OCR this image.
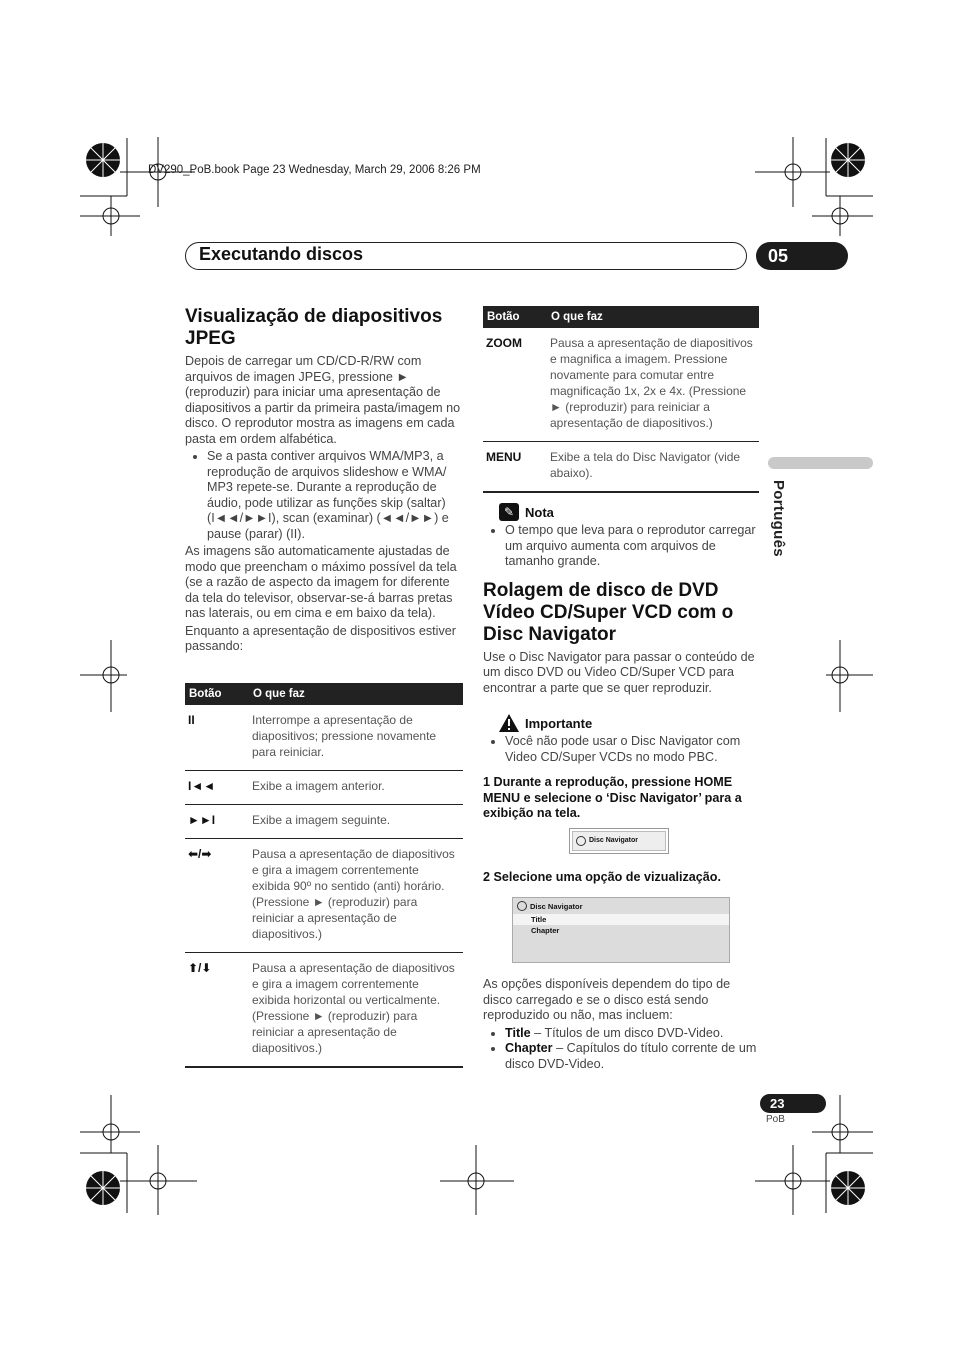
DV290_PoB.book Page 23 Wednesday, March 29, 2006 8:26 PM
Executando discos	05
Português
Visualização de diapositivos JPEG

Depois de carregar um CD/CD-R/RW com arquivos de imagen JPEG, pressione ► (reproduzir) para iniciar uma apresentação de diapositivos a partir da primeira pasta/imagem no disco. O reprodutor mostra as imagens em cada pasta em ordem alfabética.

• Se a pasta contiver arquivos WMA/MP3, a reprodução de arquivos slideshow e WMA/ MP3 repete-se. Durante a reprodução de áudio, pode utilizar as funções skip (saltar) (I◄◄/►►I), scan (examinar) (◄◄/►►) e pause (parar) (II).

As imagens são automaticamente ajustadas de modo que preencham o máximo possível da tela (se a razão de aspecto da imagem for diferente da tela do televisor, observar-se-á barras pretas nas laterais, ou em cima e em baixo da tela).

Enquanto a apresentação de dispositivos estiver passando:

Botão	O que faz
II	Interrompe a apresentação de diapositivos; pressione novamente para reiniciar.
I◄◄	Exibe a imagem anterior.
►►I	Exibe a imagem seguinte.
⬅/➡	Pausa a apresentação de diapositivos e gira a imagem correntemente exibida 90º no sentido (anti) horário. (Pressione ► (reproduzir) para reiniciar a apresentação de diapositivos.)
⬆/⬇	Pausa a apresentação de diapositivos e gira a imagem correntemente exibida horizontal ou verticalmente. (Pressione ► (reproduzir) para reiniciar a apresentação de diapositivos.)
Botão	O que faz
ZOOM	Pausa a apresentação de diapositivos e magnifica a imagem. Pressione novamente para comutar entre magnificação 1x, 2x e 4x. (Pressione ► (reproduzir) para reiniciar a apresentação de diapositivos.)
MENU	Exibe a tela do Disc Navigator (vide abaixo).
✎ Nota
• O tempo que leva para o reprodutor carregar um arquivo aumenta com arquivos de tamanho grande.
Rolagem de disco de DVD Vídeo CD/Super VCD com o Disc Navigator

Use o Disc Navigator para passar o conteúdo de um disco DVD ou Video CD/Super VCD para encontrar a parte que se quer reproduzir.

Importante
• Você não pode usar o Disc Navigator com Video CD/Super VCDs no modo PBC.
1 Durante a reprodução, pressione HOME MENU e selecione o ‘Disc Navigator’ para a exibição na tela.
Disc Navigator
2 Selecione uma opção de vizualização.
Disc Navigator
Title
Chapter

As opções disponíveis dependem do tipo de disco carregado e se o disco está sendo reproduzido ou não, mas incluem:

• Title – Títulos de um disco DVD-Video.
• Chapter – Capítulos do título corrente de um disco DVD-Video.
23
PoB
